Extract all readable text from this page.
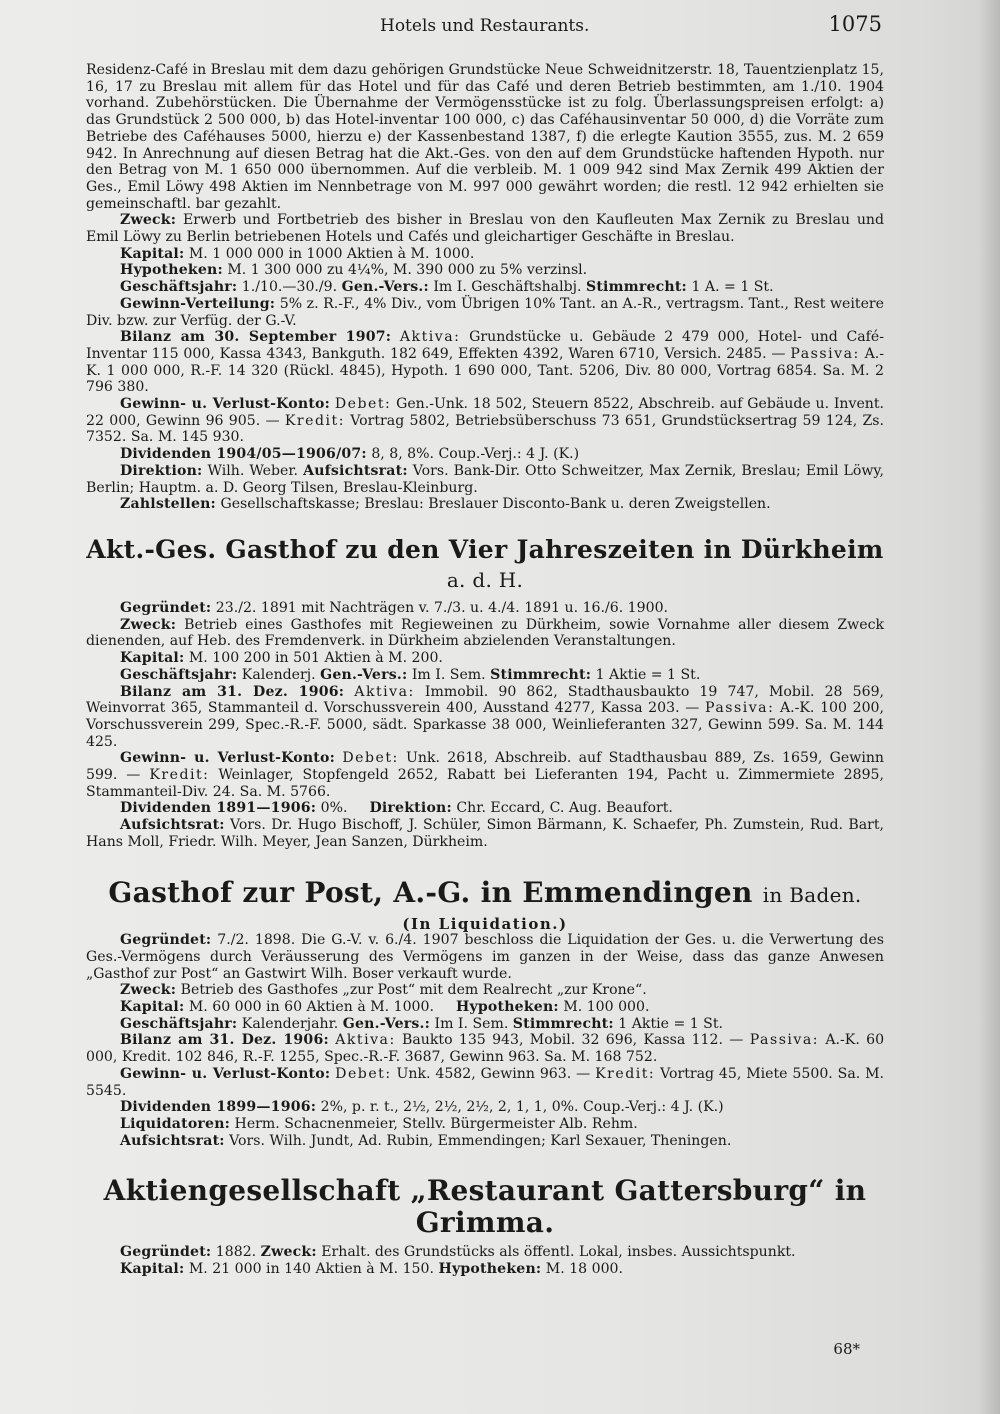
Hotels und Restaurants.	1075

Residenz-Café in Breslau mit dem dazu gehörigen Grundstücke Neue Schweidnitzerstr. 18, Tauentzienplatz 15, 16, 17 zu Breslau mit allem für das Hotel und für das Café und deren Betrieb bestimmten, am 1./10. 1904 vorhand. Zubehörstücken. Die Übernahme der Vermögensstücke ist zu folg. Überlassungspreisen erfolgt: a) das Grundstück 2 500 000, b) das Hotel-inventar 100 000, c) das Caféhausinventar 50 000, d) die Vorräte zum Betriebe des Caféhauses 5000, hierzu e) der Kassenbestand 1387, f) die erlegte Kaution 3555, zus. M. 2 659 942. In Anrechnung auf diesen Betrag hat die Akt.-Ges. von den auf dem Grundstücke haftenden Hypoth. nur den Betrag von M. 1 650 000 übernommen. Auf die verbleib. M. 1 009 942 sind Max Zernik 499 Aktien der Ges., Emil Löwy 498 Aktien im Nennbetrage von M. 997 000 gewährt worden; die restl. 12 942 erhielten sie gemeinschaftl. bar gezahlt.

Zweck: Erwerb und Fortbetrieb des bisher in Breslau von den Kaufleuten Max Zernik zu Breslau und Emil Löwy zu Berlin betriebenen Hotels und Cafés und gleichartiger Geschäfte in Breslau.

Kapital: M. 1 000 000 in 1000 Aktien à M. 1000.

Hypotheken: M. 1 300 000 zu 4¼%, M. 390 000 zu 5% verzinsl.

Geschäftsjahr: 1./10.—30./9. Gen.-Vers.: Im I. Geschäftshalbj. Stimmrecht: 1 A. = 1 St.

Gewinn-Verteilung: 5% z. R.-F., 4% Div., vom Übrigen 10% Tant. an A.-R., vertragsm. Tant., Rest weitere Div. bzw. zur Verfüg. der G.-V.

Bilanz am 30. September 1907: Aktiva: Grundstücke u. Gebäude 2 479 000, Hotel- und Café-Inventar 115 000, Kassa 4343, Bankguth. 182 649, Effekten 4392, Waren 6710, Versich. 2485. — Passiva: A.-K. 1 000 000, R.-F. 14 320 (Rückl. 4845), Hypoth. 1 690 000, Tant. 5206, Div. 80 000, Vortrag 6854. Sa. M. 2 796 380.

Gewinn- u. Verlust-Konto: Debet: Gen.-Unk. 18 502, Steuern 8522, Abschreib. auf Gebäude u. Invent. 22 000, Gewinn 96 905. — Kredit: Vortrag 5802, Betriebsüberschuss 73 651, Grundstücksertrag 59 124, Zs. 7352. Sa. M. 145 930.

Dividenden 1904/05—1906/07: 8, 8, 8%. Coup.-Verj.: 4 J. (K.)

Direktion: Wilh. Weber. Aufsichtsrat: Vors. Bank-Dir. Otto Schweitzer, Max Zernik, Breslau; Emil Löwy, Berlin; Hauptm. a. D. Georg Tilsen, Breslau-Kleinburg.

Zahlstellen: Gesellschaftskasse; Breslau: Breslauer Disconto-Bank u. deren Zweigstellen.

Akt.-Ges. Gasthof zu den Vier Jahreszeiten in Dürkheim a. d. H.

Gegründet: 23./2. 1891 mit Nachträgen v. 7./3. u. 4./4. 1891 u. 16./6. 1900.

Zweck: Betrieb eines Gasthofes mit Regieweinen zu Dürkheim, sowie Vornahme aller diesem Zweck dienenden, auf Heb. des Fremdenverk. in Dürkheim abzielenden Veranstaltungen.

Kapital: M. 100 200 in 501 Aktien à M. 200.

Geschäftsjahr: Kalenderj. Gen.-Vers.: Im I. Sem. Stimmrecht: 1 Aktie = 1 St.

Bilanz am 31. Dez. 1906: Aktiva: Immobil. 90 862, Stadthausbaukto 19 747, Mobil. 28 569, Weinvorrat 365, Stammanteil d. Vorschussverein 400, Ausstand 4277, Kassa 203. — Passiva: A.-K. 100 200, Vorschussverein 299, Spec.-R.-F. 5000, sädt. Sparkasse 38 000, Weinlieferanten 327, Gewinn 599. Sa. M. 144 425.

Gewinn- u. Verlust-Konto: Debet: Unk. 2618, Abschreib. auf Stadthausbau 889, Zs. 1659, Gewinn 599. — Kredit: Weinlager, Stopfengeld 2652, Rabatt bei Lieferanten 194, Pacht u. Zimmermiete 2895, Stammanteil-Div. 24. Sa. M. 5766.

Dividenden 1891—1906: 0%. Direktion: Chr. Eccard, C. Aug. Beaufort.

Aufsichtsrat: Vors. Dr. Hugo Bischoff, J. Schüler, Simon Bärmann, K. Schaefer, Ph. Zumstein, Rud. Bart, Hans Moll, Friedr. Wilh. Meyer, Jean Sanzen, Dürkheim.

Gasthof zur Post, A.-G. in Emmendingen in Baden.

(In Liquidation.)

Gegründet: 7./2. 1898. Die G.-V. v. 6./4. 1907 beschloss die Liquidation der Ges. u. die Verwertung des Ges.-Vermögens durch Veräusserung des Vermögens im ganzen in der Weise, dass das ganze Anwesen „Gasthof zur Post“ an Gastwirt Wilh. Boser verkauft wurde.

Zweck: Betrieb des Gasthofes „zur Post“ mit dem Realrecht „zur Krone“.

Kapital: M. 60 000 in 60 Aktien à M. 1000. Hypotheken: M. 100 000.

Geschäftsjahr: Kalenderjahr. Gen.-Vers.: Im I. Sem. Stimmrecht: 1 Aktie = 1 St.

Bilanz am 31. Dez. 1906: Aktiva: Baukto 135 943, Mobil. 32 696, Kassa 112. — Passiva: A.-K. 60 000, Kredit. 102 846, R.-F. 1255, Spec.-R.-F. 3687, Gewinn 963. Sa. M. 168 752.

Gewinn- u. Verlust-Konto: Debet: Unk. 4582, Gewinn 963. — Kredit: Vortrag 45, Miete 5500. Sa. M. 5545.

Dividenden 1899—1906: 2%, p. r. t., 2½, 2½, 2½, 2, 1, 1, 0%. Coup.-Verj.: 4 J. (K.)

Liquidatoren: Herm. Schacnenmeier, Stellv. Bürgermeister Alb. Rehm.

Aufsichtsrat: Vors. Wilh. Jundt, Ad. Rubin, Emmendingen; Karl Sexauer, Theningen.

Aktiengesellschaft „Restaurant Gattersburg“ in Grimma.

Gegründet: 1882. Zweck: Erhalt. des Grundstücks als öffentl. Lokal, insbes. Aussichtspunkt.

Kapital: M. 21 000 in 140 Aktien à M. 150. Hypotheken: M. 18 000.

68*
